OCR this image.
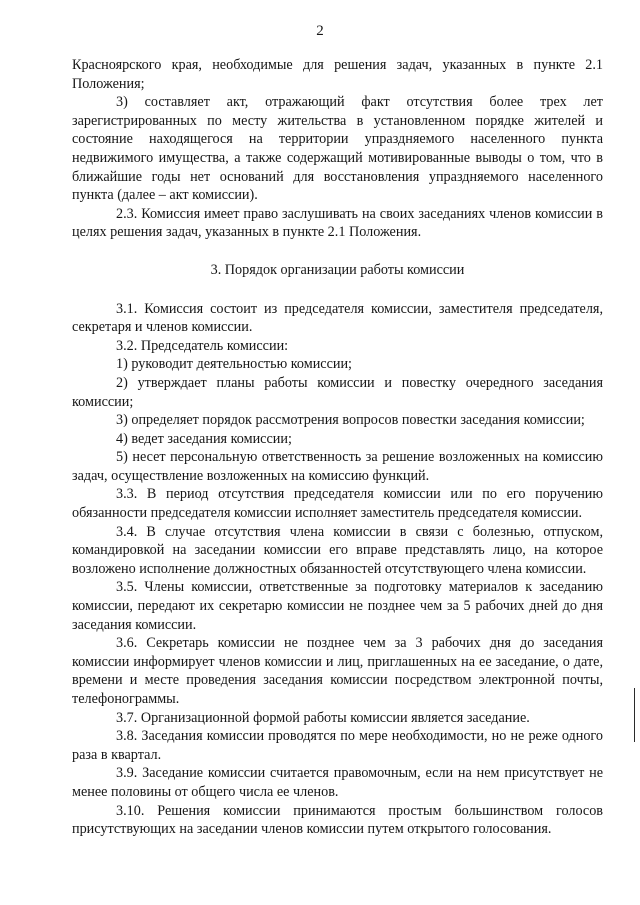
2

Красноярского края, необходимые для решения задач, указанных в пункте 2.1 Положения;

3) составляет акт, отражающий факт отсутствия более трех лет зарегистрированных по месту жительства в установленном порядке жителей и состояние находящегося на территории упраздняемого населенного пункта недвижимого имущества, а также содержащий мотивированные выводы о том, что в ближайшие годы нет оснований для восстановления упраздняемого населенного пункта (далее – акт комиссии).

2.3. Комиссия имеет право заслушивать на своих заседаниях членов комиссии в целях решения задач, указанных в пункте 2.1 Положения.

3. Порядок организации работы комиссии

3.1. Комиссия состоит из председателя комиссии, заместителя председателя, секретаря и членов комиссии.

3.2. Председатель комиссии:

1) руководит деятельностью комиссии;

2) утверждает планы работы комиссии и повестку очередного заседания комиссии;

3) определяет порядок рассмотрения вопросов повестки заседания комиссии;

4) ведет заседания комиссии;

5) несет персональную ответственность за решение возложенных на комиссию задач, осуществление возложенных на комиссию функций.

3.3. В период отсутствия председателя комиссии или по его поручению обязанности председателя комиссии исполняет заместитель председателя комиссии.

3.4. В случае отсутствия члена комиссии в связи с болезнью, отпуском, командировкой на заседании комиссии его вправе представлять лицо, на которое возложено исполнение должностных обязанностей отсутствующего члена комиссии.

3.5. Члены комиссии, ответственные за подготовку материалов к заседанию комиссии, передают их секретарю комиссии не позднее чем за 5 рабочих дней до дня заседания комиссии.

3.6. Секретарь комиссии не позднее чем за 3 рабочих дня до заседания комиссии информирует членов комиссии и лиц, приглашенных на ее заседание, о дате, времени и месте проведения заседания комиссии посредством электронной почты, телефонограммы.

3.7. Организационной формой работы комиссии является заседание.

3.8. Заседания комиссии проводятся по мере необходимости, но не реже одного раза в квартал.

3.9. Заседание комиссии считается правомочным, если на нем присутствует не менее половины от общего числа ее членов.

3.10. Решения комиссии принимаются простым большинством голосов присутствующих на заседании членов комиссии путем открытого голосования.
